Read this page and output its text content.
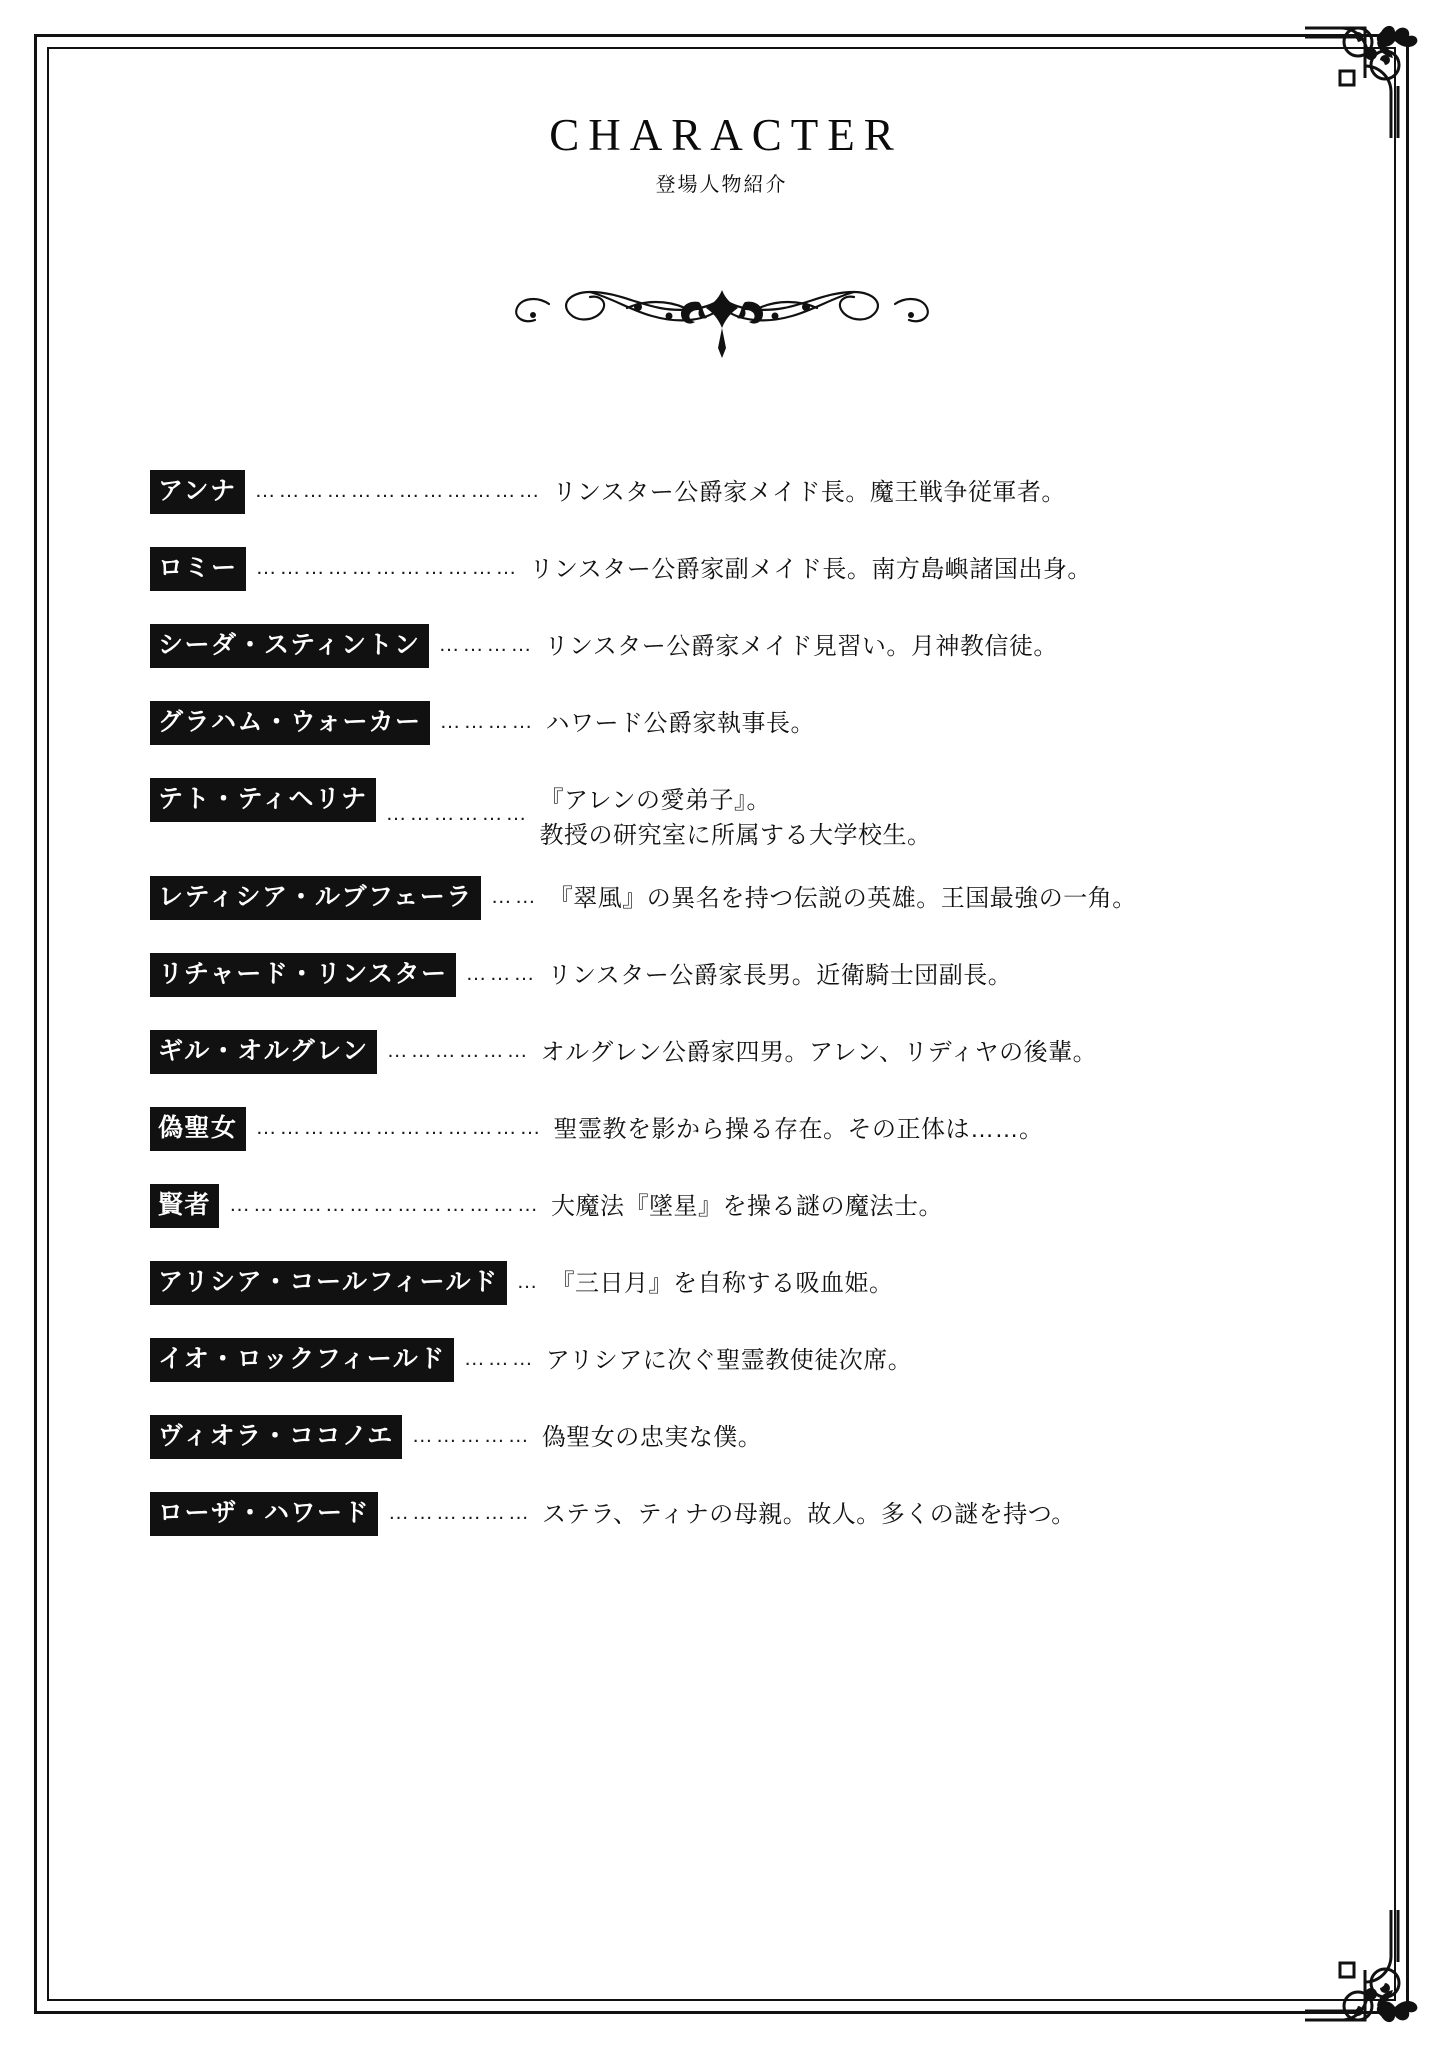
CHARACTER
登場人物紹介
アンナ ……………………………… リンスター公爵家メイド長。魔王戦争従軍者。
ロミー …………………………… リンスター公爵家副メイド長。南方島嶼諸国出身。
シーダ・スティントン ………… リンスター公爵家メイド見習い。月神教信徒。
グラハム・ウォーカー ………… ハワード公爵家執事長。
テト・ティヘリナ
……………… 『アレンの愛弟子』。
教授の研究室に所属する大学校生。
レティシア・ルブフェーラ …… 『翠風』の異名を持つ伝説の英雄。王国最強の一角。
リチャード・リンスター ……… リンスター公爵家長男。近衛騎士団副長。
ギル・オルグレン ……………… オルグレン公爵家四男。アレン、リディヤの後輩。
偽聖女 ……………………………… 聖霊教を影から操る存在。その正体は……。
賢者 ………………………………… 大魔法『墜星』を操る謎の魔法士。
アリシア・コールフィールド … 『三日月』を自称する吸血姫。
イオ・ロックフィールド ……… アリシアに次ぐ聖霊教使徒次席。
ヴィオラ・ココノエ …………… 偽聖女の忠実な僕。
ローザ・ハワード ……………… ステラ、ティナの母親。故人。多くの謎を持つ。
